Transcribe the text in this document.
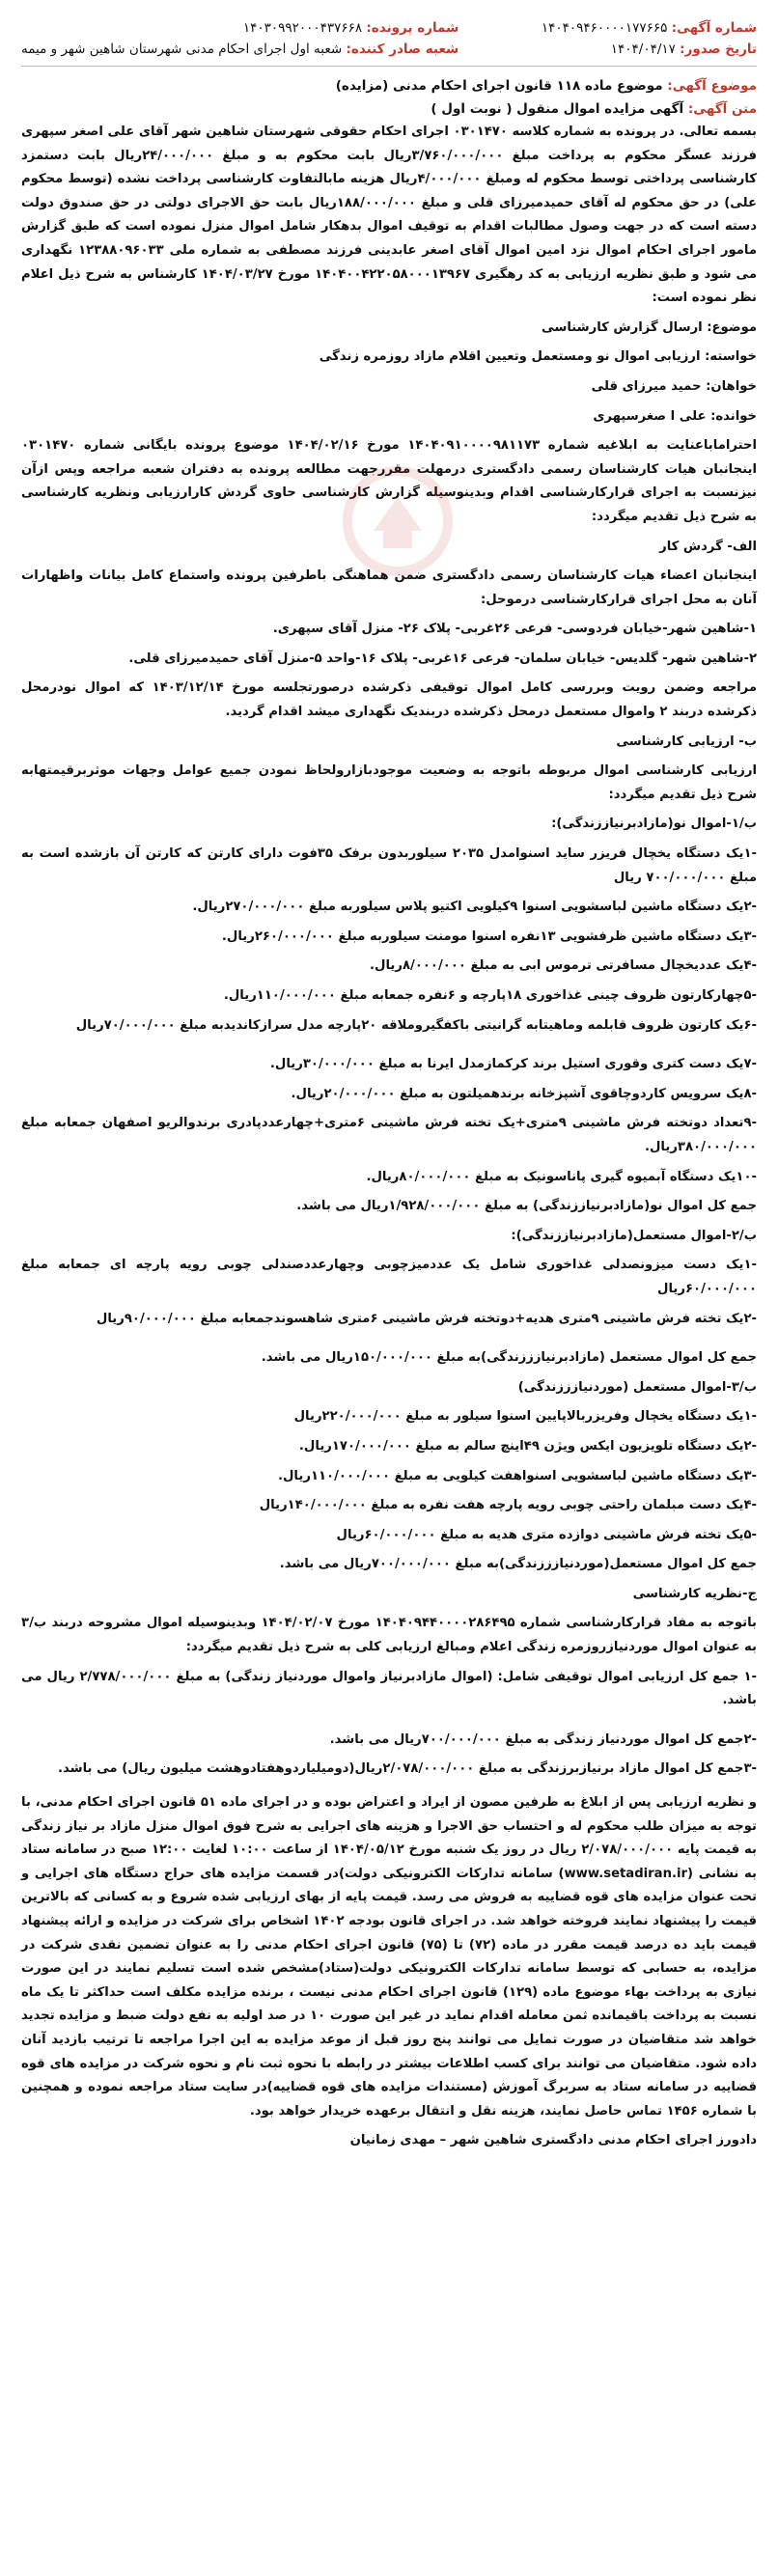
شماره آگهی: ۱۴۰۴۰۹۴۶۰۰۰۰۱۷۷۶۶۵
تاریخ صدور: ۱۴۰۴/۰۴/۱۷
شماره پرونده: ۱۴۰۳۰۹۹۲۰۰۰۴۳۷۶۶۸
شعبه صادر کننده: شعبه اول اجرای احکام مدنی شهرستان شاهین شهر و میمه
موضوع آگهی: موضوع ماده ۱۱۸ قانون اجرای احکام مدنی (مزایده)
متن آگهی: آگهی مزایده اموال منقول ( نوبت اول )

بسمه تعالی. در پرونده به شماره کلاسه ۰۳۰۱۴۷۰ اجرای احکام حقوقی شهرستان شاهین شهر آقای علی اصغر سپهری فرزند عسگر محکوم به پرداخت مبلغ ۳/۷۶۰/۰۰۰/۰۰۰ریال بابت محکوم به و مبلغ ۲۴/۰۰۰/۰۰۰ریال بابت دستمزد کارشناسی پرداختی توسط محکوم له ومبلغ ۴/۰۰۰/۰۰۰ریال هزینه مابالتفاوت کارشناسی پرداخت نشده (توسط محکوم علی) در حق محکوم له آقای حمیدمیرزای قلی و مبلغ ۱۸۸/۰۰۰/۰۰۰ریال بابت حق الاجرای دولتی در حق صندوق دولت دسته است که در جهت وصول مطالبات اقدام به توقیف اموال بدهکار شامل اموال منزل نموده است که طبق گزارش مامور اجرای احکام اموال نزد امین اموال آقای اصغر عابدینی فرزند مصطفی به شماره ملی ۱۲۳۸۸۰۹۶۰۳۳ نگهداری می شود و طبق نظریه ارزیابی به کد رهگیری ۱۴۰۴۰۰۴۲۲۰۵۸۰۰۰۱۳۹۶۷ مورخ ۱۴۰۴/۰۳/۲۷ کارشناس به شرح ذیل اعلام نظر نموده است:

موضوع: ارسال گزارش کارشناسی

خواسته: ارزیابی اموال نو ومستعمل وتعیین اقلام مازاد روزمره زندگی

خواهان: حمید میرزای قلی

خوانده: علی ا صغرسپهری

احتراماباعنایت به ابلاغیه شماره ۱۴۰۴۰۹۱۰۰۰۰۹۸۱۱۷۳ مورخ ۱۴۰۴/۰۲/۱۶ موضوع پرونده بایگانی شماره ۰۳۰۱۴۷۰ اینجانبان هیات کارشناسان رسمی دادگستری درمهلت مقررجهت مطالعه پرونده به دفتران شعبه مراجعه وپس ازآن نیزنسبت به اجرای قرارکارشناسی اقدام وبدینوسیله گزارش کارشناسی حاوی گردش کارارزیابی ونظریه کارشناسی به شرح ذیل تقدیم میگردد:

الف- گردش کار

اینجانبان اعضاء هیات کارشناسان رسمی دادگستری ضمن هماهنگی باطرفین پرونده واستماع کامل بیانات واظهارات آنان به محل اجرای قرارکارشناسی درموحل:

۱-شاهین شهر-خیابان فردوسی- فرعی ۲۶غربی- پلاک ۲۶- منزل آقای سپهری.

۲-شاهین شهر- گلدیس- خیابان سلمان- فرعی ۱۶غربی- پلاک ۱۶-واحد ۵-منزل آقای حمیدمیرزای قلی.

مراجعه وضمن رویت وبررسی کامل اموال توقیفی ذکرشده درصورتجلسه مورخ ۱۴۰۳/۱۲/۱۴ که اموال نودرمحل ذکرشده دربند ۲ واموال مستعمل درمحل ذکرشده دربندیک نگهداری میشد اقدام گردید.

ب- ارزیابی کارشناسی

ارزیابی کارشناسی اموال مربوطه باتوجه به وضعیت موجودبازارولحاظ نمودن جمیع عوامل وجهات موثربرقیمتهابه شرح ذیل تقدیم میگردد:

ب/۱-اموال نو(مازادبرنیاززندگی):

-۱یک دستگاه یخچال فریزر ساید اسنوامدل ۲۰۳۵ سیلوربدون برفک ۳۵فوت دارای کارتن که کارتن آن بازشده است به مبلغ ۷۰۰/۰۰۰/۰۰۰ ریال

-۲یک دستگاه ماشین لباسشویی اسنوا ۹کیلویی اکتیو پلاس سیلوربه مبلغ ۲۷۰/۰۰۰/۰۰۰ریال.

-۳یک دستگاه ماشین ظرفشویی ۱۳نفره اسنوا مومنت سیلوربه مبلغ ۲۶۰/۰۰۰/۰۰۰ریال.

-۴یک عددیخچال مسافرتی ترموس ابی به مبلغ ۸/۰۰۰/۰۰۰ریال.

-۵چهارکارتون ظروف چینی غذاخوری ۱۸پارچه و ۶نفره جمعابه مبلغ ۱۱۰/۰۰۰/۰۰۰ریال.

-۶یک کارتون ظروف قابلمه وماهیتابه گرانیتی باکفگیروملاقه ۲۰پارچه مدل سرازکاندیدبه مبلغ ۷۰/۰۰۰/۰۰۰ریال

-۷یک دست کتری وقوری استیل برند کرکمازمدل ایرنا به مبلغ ۳۰/۰۰۰/۰۰۰ریال.

-۸یک سرویس کاردوچاقوی آشپزخانه برندهمیلتون به مبلغ ۲۰/۰۰۰/۰۰۰ریال.

-۹تعداد دوتخته فرش ماشینی ۹متری+یک تخته فرش ماشینی ۶متری+چهارعددپادری برندوالریو اصفهان جمعابه مبلغ ۳۸۰/۰۰۰/۰۰۰ریال.

-۱۰یک دستگاه آبمیوه گیری پاناسونیک به مبلغ ۸۰/۰۰۰/۰۰۰ریال.

جمع کل اموال نو(مازادبرنیاززندگی) به مبلغ ۱/۹۲۸/۰۰۰/۰۰۰ریال می باشد.

ب/۲-اموال مستعمل(مازادبرنیاززندگی):

-۱یک دست میزونصدلی غذاخوری شامل یک عددمیزچوبی وچهارعددصندلی چوبی رویه پارچه ای جمعابه مبلغ ۶۰/۰۰۰/۰۰۰ریال

-۲یک تخته فرش ماشینی ۹متری هدیه+دوتخته فرش ماشینی ۶متری شاهسوندجمعابه مبلغ ۹۰/۰۰۰/۰۰۰ریال

جمع کل اموال مستعمل (مازادبرنیازززندگی)به مبلغ ۱۵۰/۰۰۰/۰۰۰ریال می باشد.

ب/۳-اموال مستعمل (موردنیازززندگی)

-۱یک دستگاه یخچال وفریزربالاپایین اسنوا سیلور به مبلغ ۲۲۰/۰۰۰/۰۰۰ریال

-۲یک دستگاه تلویزیون ایکس ویژن ۴۹اینچ سالم به مبلغ ۱۷۰/۰۰۰/۰۰۰ریال.

-۳یک دستگاه ماشین لباسشویی اسنواهفت کیلویی به مبلغ ۱۱۰/۰۰۰/۰۰۰ریال.

-۴یک دست مبلمان راحتی چوبی رویه پارچه هفت نفره به مبلغ ۱۴۰/۰۰۰/۰۰۰ریال

-۵یک تخته فرش ماشینی دوازده متری هدیه به مبلغ ۶۰/۰۰۰/۰۰۰ریال

جمع کل اموال مستعمل(موردنیازززندگی)به مبلغ ۷۰۰/۰۰۰/۰۰۰ریال می باشد.

ج-نظریه کارشناسی

باتوجه به مفاد قرارکارشناسی شماره ۱۴۰۴۰۹۴۴۰۰۰۰۲۸۶۴۹۵ مورخ ۱۴۰۴/۰۲/۰۷ وبدینوسیله اموال مشروحه دربند ب/۳ به عنوان اموال موردنیازروزمره زندگی اعلام ومبالغ ارزیابی کلی به شرح ذیل تقدیم میگردد:

-۱ جمع کل ارزیابی اموال توقیفی شامل: (اموال مازادبرنیاز واموال موردنیاز زندگی) به مبلغ ۲/۷۷۸/۰۰۰/۰۰۰ ریال می باشد.

-۲جمع کل اموال موردنیاز زندگی به مبلغ ۷۰۰/۰۰۰/۰۰۰ریال می باشد.

-۳جمع کل اموال مازاد برنیازبرزندگی به مبلغ ۲/۰۷۸/۰۰۰/۰۰۰ریال(دومیلیاردوهفتادوهشت میلیون ریال) می باشد.

و نظریه ارزیابی پس از ابلاغ به طرفین مصون از ایراد و اعتراض بوده و در اجرای ماده ۵۱ قانون اجرای احکام مدنی، با توجه به میزان طلب محکوم له و احتساب حق الاجرا و هزینه های اجرایی به شرح فوق اموال منزل مازاد بر نیاز زندگی به قیمت پایه ۲/۰۷۸/۰۰۰/۰۰۰ ریال در روز یک شنبه مورخ ۱۴۰۴/۰۵/۱۲ از ساعت ۱۰:۰۰ لغایت ۱۲:۰۰ صبح در سامانه ستاد به نشانی (www.setadiran.ir) سامانه تدارکات الکترونیکی دولت)در قسمت مزایده های حراج دستگاه های اجرایی و تحت عنوان مزایده های قوه قضاییه به فروش می رسد. قیمت پایه از بهای ارزیابی شده شروع و به کسانی که بالاترین قیمت را پیشنهاد نمایند فروخته خواهد شد. در اجرای قانون بودجه ۱۴۰۲ اشخاص برای شرکت در مزایده و ارائه پیشنهاد قیمت باید ده درصد قیمت مقرر در ماده (۷۲) تا (۷۵) قانون اجرای احکام مدنی را به عنوان تضمین نقدی شرکت در مزایده، به حسابی که توسط سامانه تدارکات الکترونیکی دولت(ستاد)مشخص شده است تسلیم نمایند در این صورت نیازی به پرداخت بهاء موضوع ماده (۱۲۹) قانون اجرای احکام مدنی نیست ، برنده مزایده مکلف است حداکثر تا یک ماه نسبت به پرداخت باقیمانده ثمن معامله اقدام نماید در غیر این صورت ۱۰ در صد اولیه به نفع دولت ضبط و مزایده تجدید خواهد شد متقاضیان در صورت تمایل می توانند پنج روز قبل از موعد مزایده به این اجرا مراجعه تا ترتیب بازدید آنان داده شود. متقاضیان می توانند برای کسب اطلاعات بیشتر در رابطه با نحوه ثبت نام و نحوه شرکت در مزایده های قوه قضاییه در سامانه ستاد به سربرگ آموزش (مستندات مزایده های قوه قضاییه)در سایت ستاد مراجعه نموده و همچنین با شماره ۱۴۵۶ تماس حاصل نمایند، هزینه نقل و انتقال برعهده خریدار خواهد بود.

دادورز اجرای احکام مدنی دادگستری شاهین شهر – مهدی زمانیان
